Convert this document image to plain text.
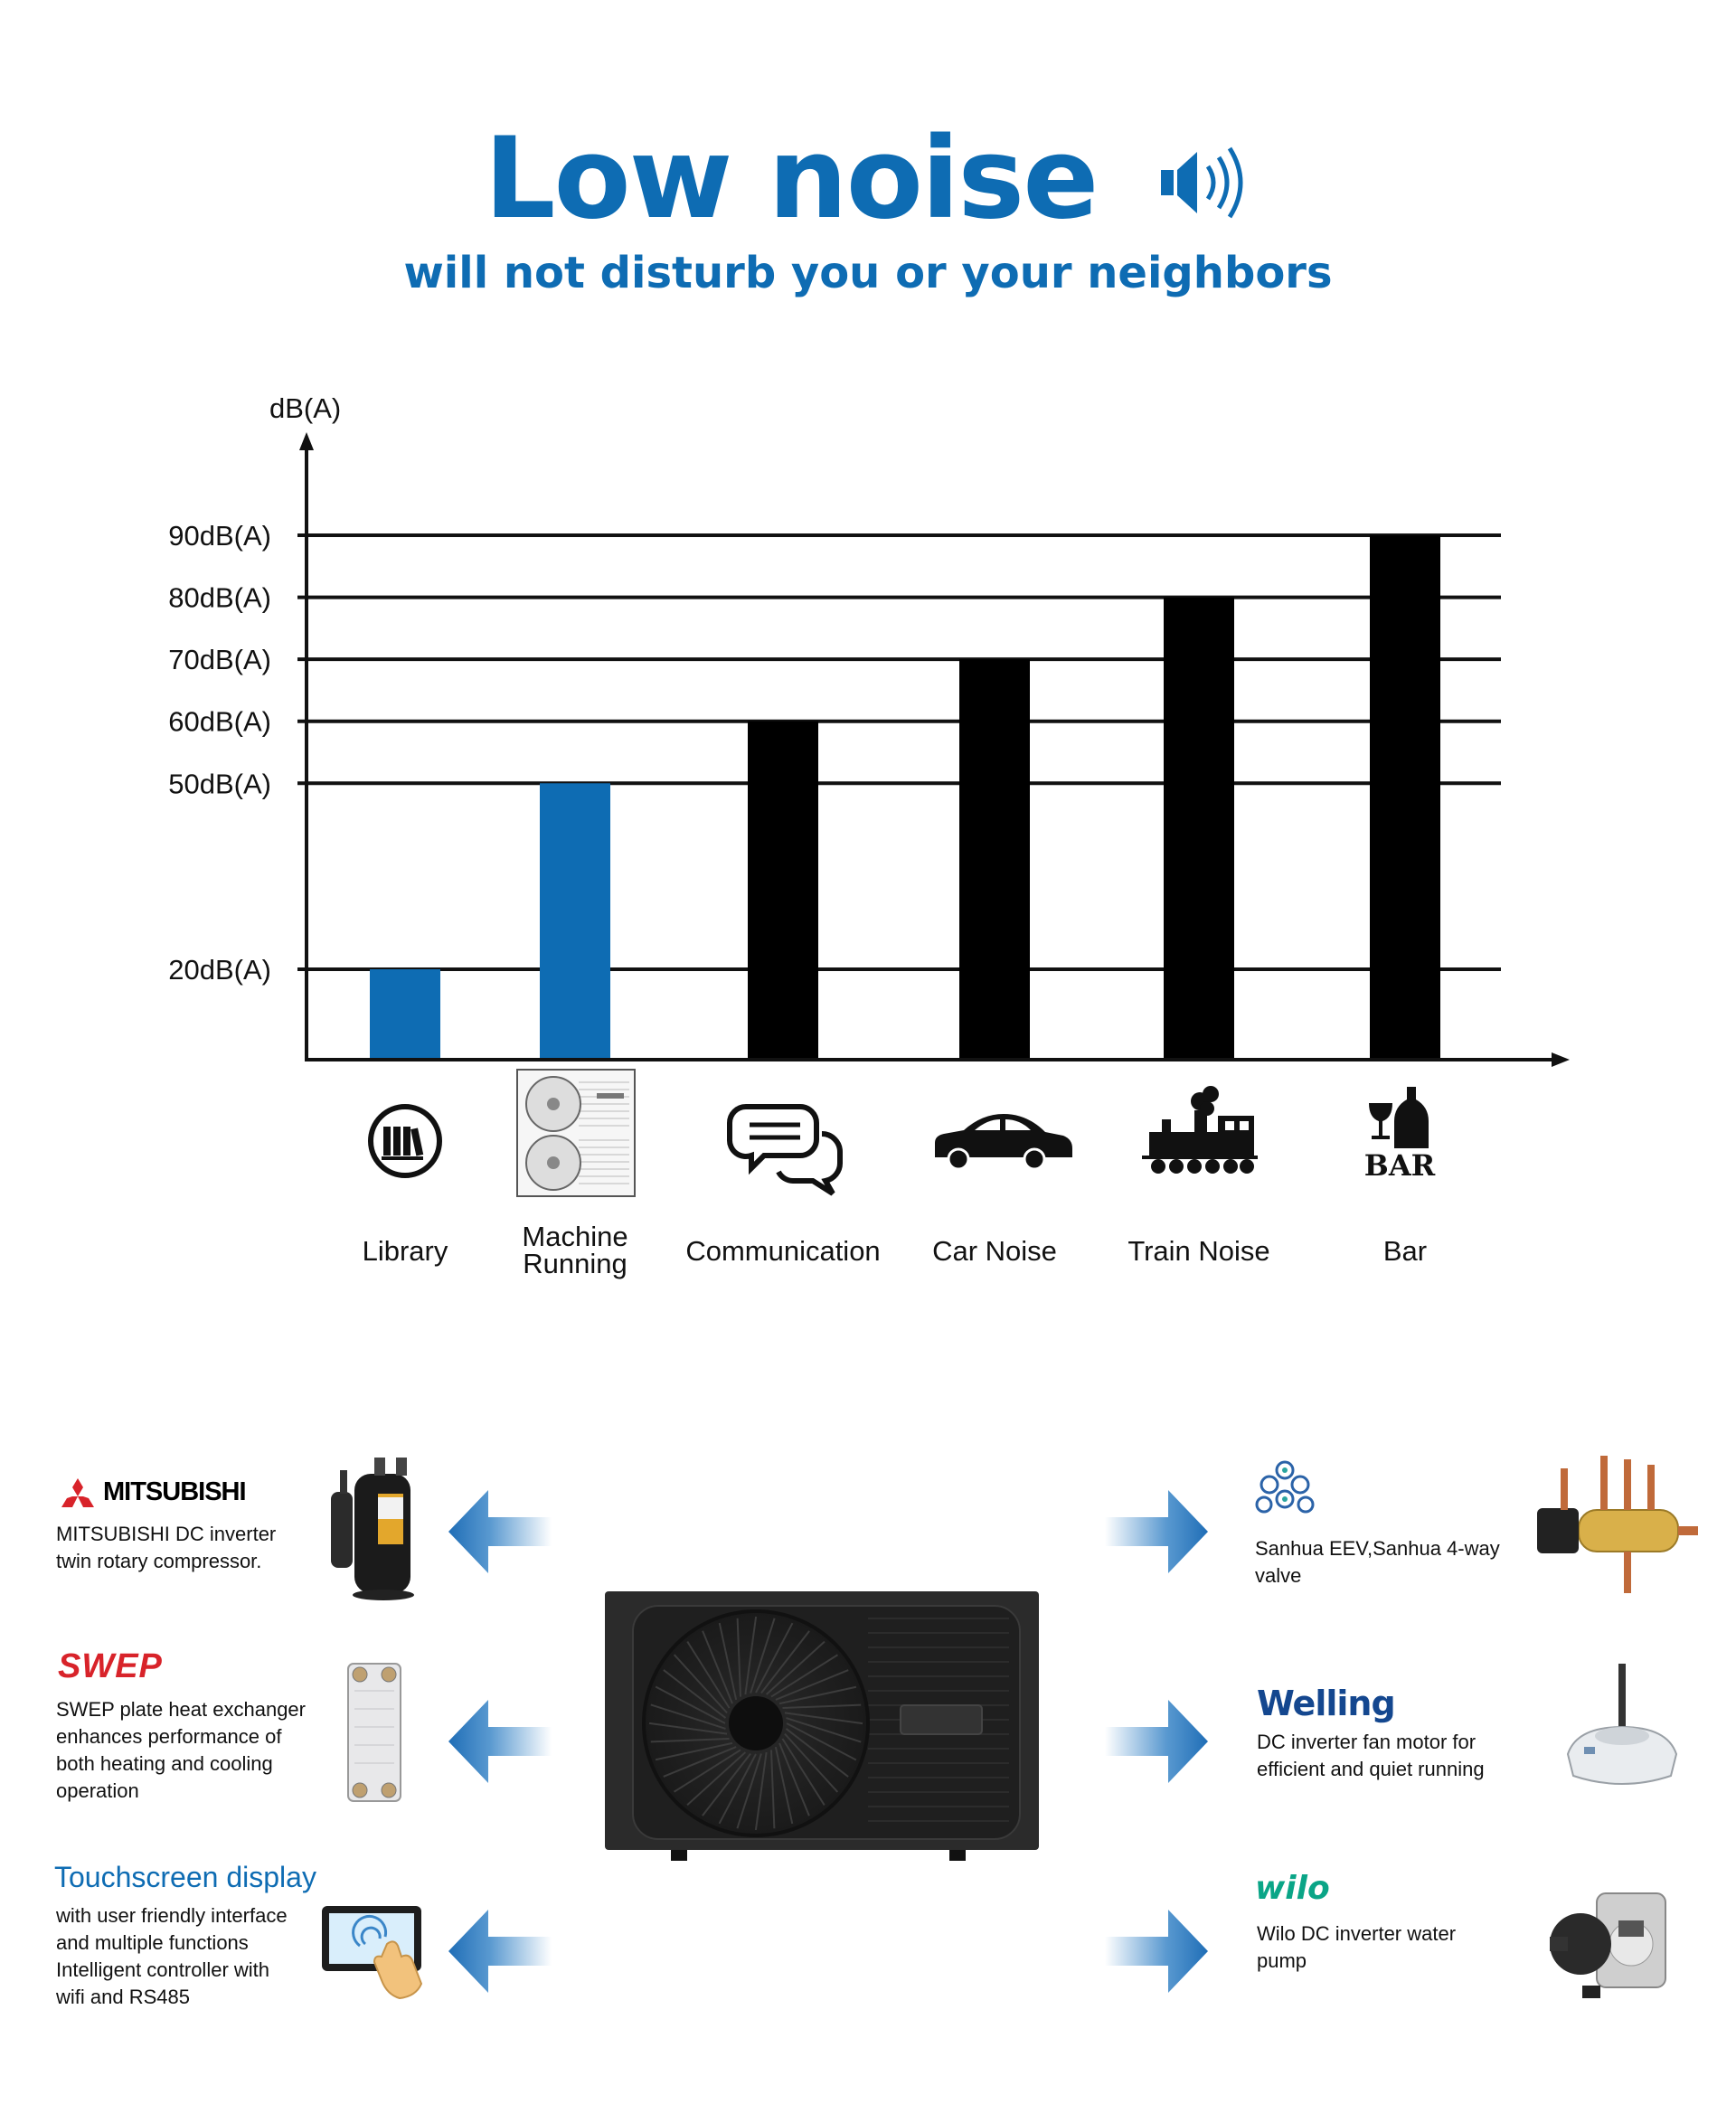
Low noise
will not disturb you or your neighbors
dB(A)
20dB(A)
50dB(A)
60dB(A)
70dB(A)
80dB(A)
90dB(A)
BAR
Library	Machine
Running Communication Car Noise	Train Noise	Bar
MITSUBISHI
MITSUBISHI DC inverter
twin rotary compressor.
SWEP
SWEP plate heat exchanger
enhances performance of
both heating and cooling
operation
Touchscreen display
with user friendly interface
and multiple functions
Intelligent controller with
wifi and RS485
Sanhua EEV,Sanhua 4-way
valve
Welling
DC inverter fan motor for
efficient and quiet running
wilo
Wilo DC inverter water
pump
